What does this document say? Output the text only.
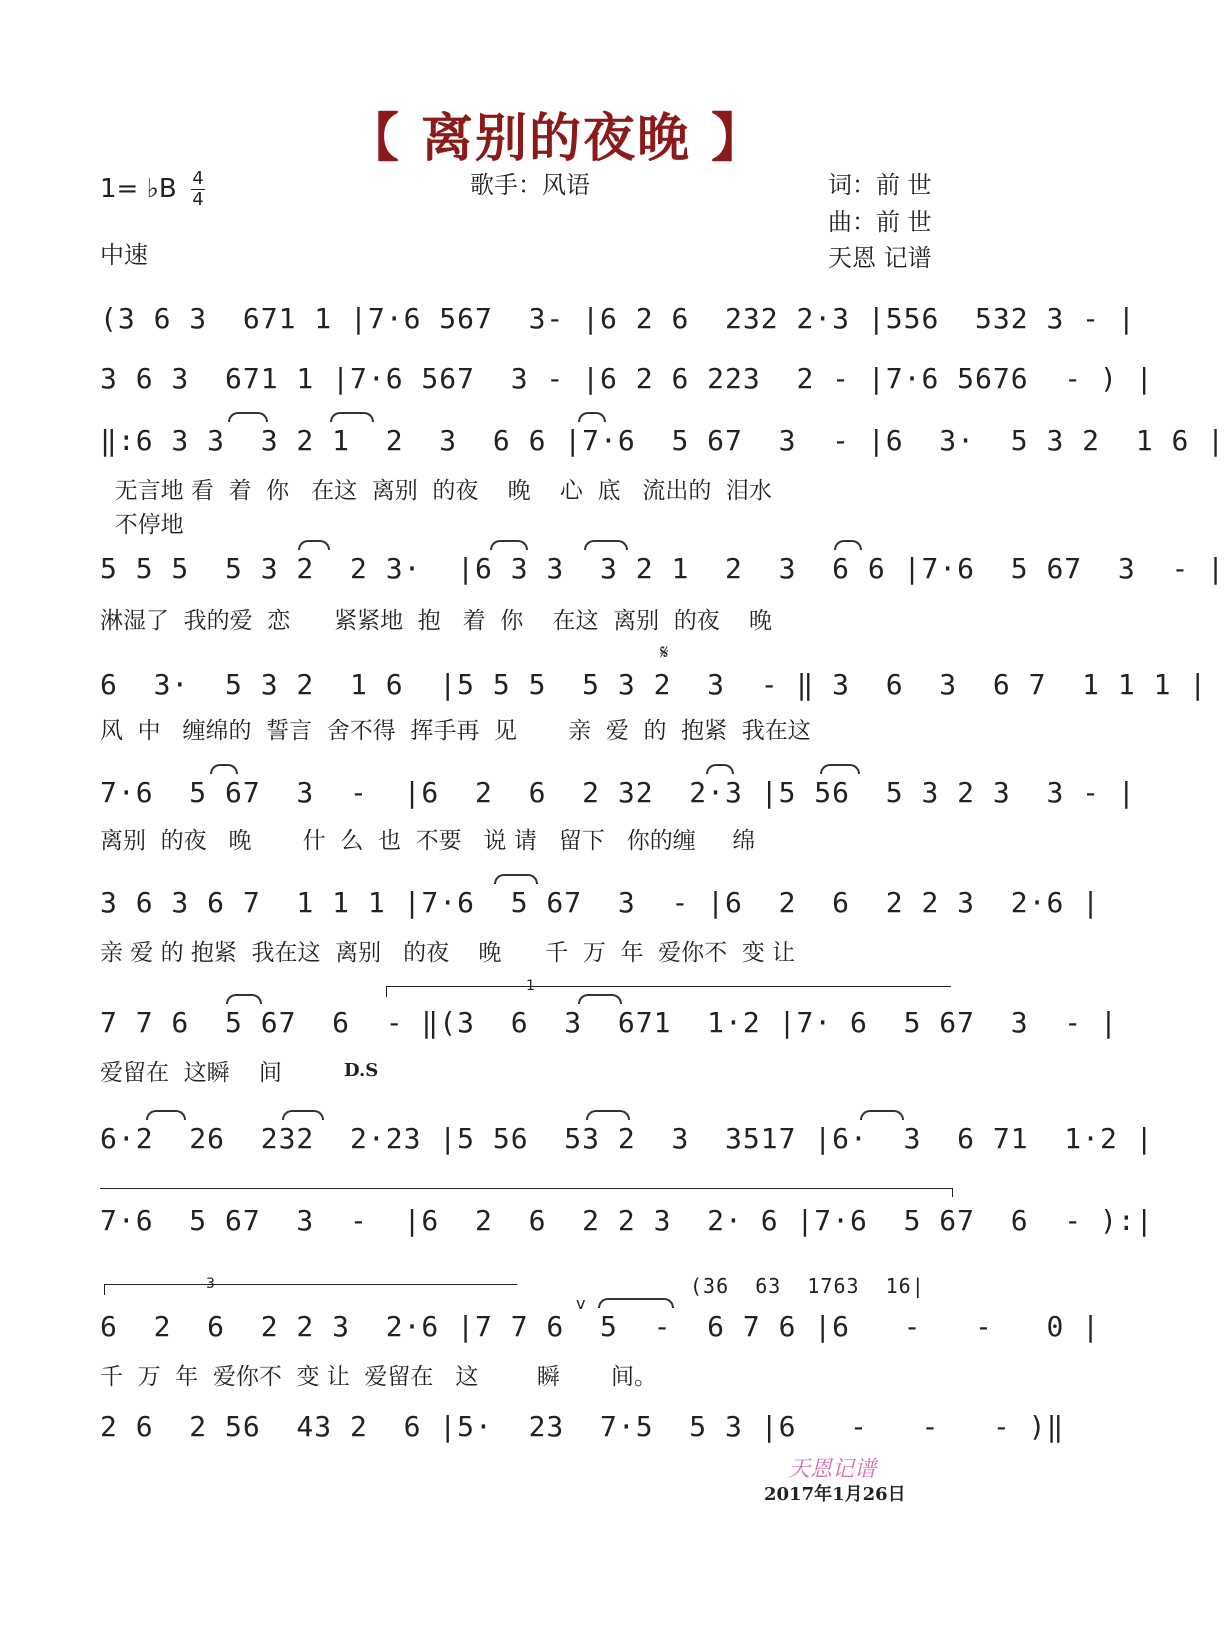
【 离别的夜晚 】
1= ♭B $\frac{4}{4}$
中速
歌手：风语	词：前 世
曲：前 世
天恩 记谱
(3 6 3  671 1 |7·6 567  3- |6 2 6  232 2·3 |556  532 3 - |
3 6 3  671 1 |7·6 567  3 - |6 2 6 223  2 - |7·6 5676  - ) |
‖:6 3 3  3 2 1  2  3  6 6 |7·6  5 67  3  - |6  3·  5 3 2  1 6 |
无言地 看  着  你   在这  离别  的夜    晚    心  底   流出的  泪水
不停地
5 5 5  5 3 2  2 3·  |6 3 3  3 2 1  2  3  6 6 |7·6  5 67  3  - |
淋湿了  我的爱  恋      紧紧地  抱   着  你    在这  离别  的夜    晚
𝄋
6  3·  5 3 2  1 6  |5 5 5  5 3 2  3  - ‖ 3  6  3  6 7  1 1 1 |
风  中   缠绵的  誓言  舍不得  挥手再  见       亲  爱  的  抱紧  我在这
7·6  5 67  3  -  |6  2  6  2 32  2·3 |5 56  5 3 2 3  3 - |
离别  的夜   晚       什  么  也  不要   说 请   留下   你的缠     绵
3 6 3 6 7  1 1 1 |7·6  5 67  3  - |6  2  6  2 2 3  2·6 |
亲 爱 的 抱紧  我在这  离别   的夜    晚      千  万  年  爱你不  变 让
1
7 7 6  5 67  6  - ‖(3  6  3  671  1·2 |7· 6  5 67  3  - |
爱留在  这瞬    间	D.S
6·2  26  232  2·23 |5 56  53 2  3  3517 |6·  3  6 71  1·2 |
7·6  5 67  3  -  |6  2  6  2 2 3  2· 6 |7·6  5 67  6  - ):|
3	(36  63  1763  16|
v
6  2  6  2 2 3  2·6 |7 7 6  5  -  6 7 6 |6   -   -   0 |
千  万  年  爱你不  变 让  爱留在   这        瞬       间。
2 6  2 56  43 2  6 |5·  23  7·5  5 3 |6   -   -   - )‖
天恩记谱
2017年1月26日
